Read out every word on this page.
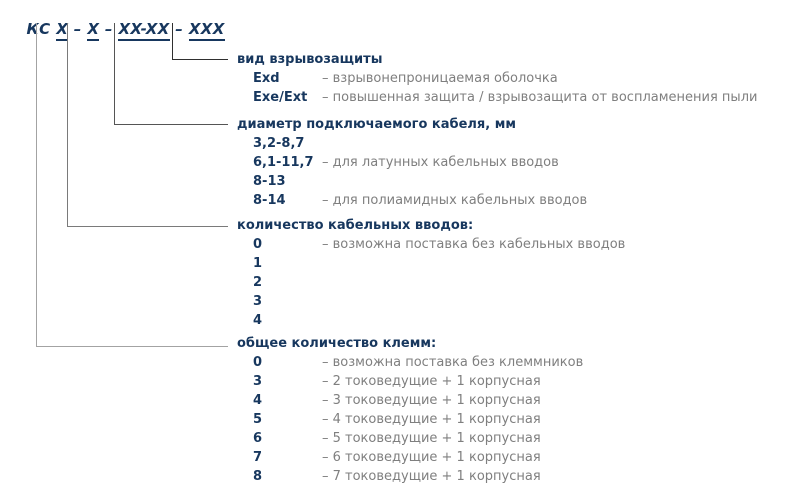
КС X – X – XX-XX – XXX

вид взрывозащиты
Exd	– взрывонепроницаемая оболочка
Exe/Ext	– повышенная защита / взрывозащита от воспламенения пыли
диаметр подключаемого кабеля, мм
3,2-8,7
6,1-11,7 – для латунных кабельных вводов
8-13
8-14	– для полиамидных кабельных вводов
количество кабельных вводов:
0	– возможна поставка без кабельных вводов
1
2
3
4
общее количество клемм:
0	– возможна поставка без клеммников
3	– 2 токоведущие + 1 корпусная
4	– 3 токоведущие + 1 корпусная
5	– 4 токоведущие + 1 корпусная
6	– 5 токоведущие + 1 корпусная
7	– 6 токоведущие + 1 корпусная
8	– 7 токоведущие + 1 корпусная
